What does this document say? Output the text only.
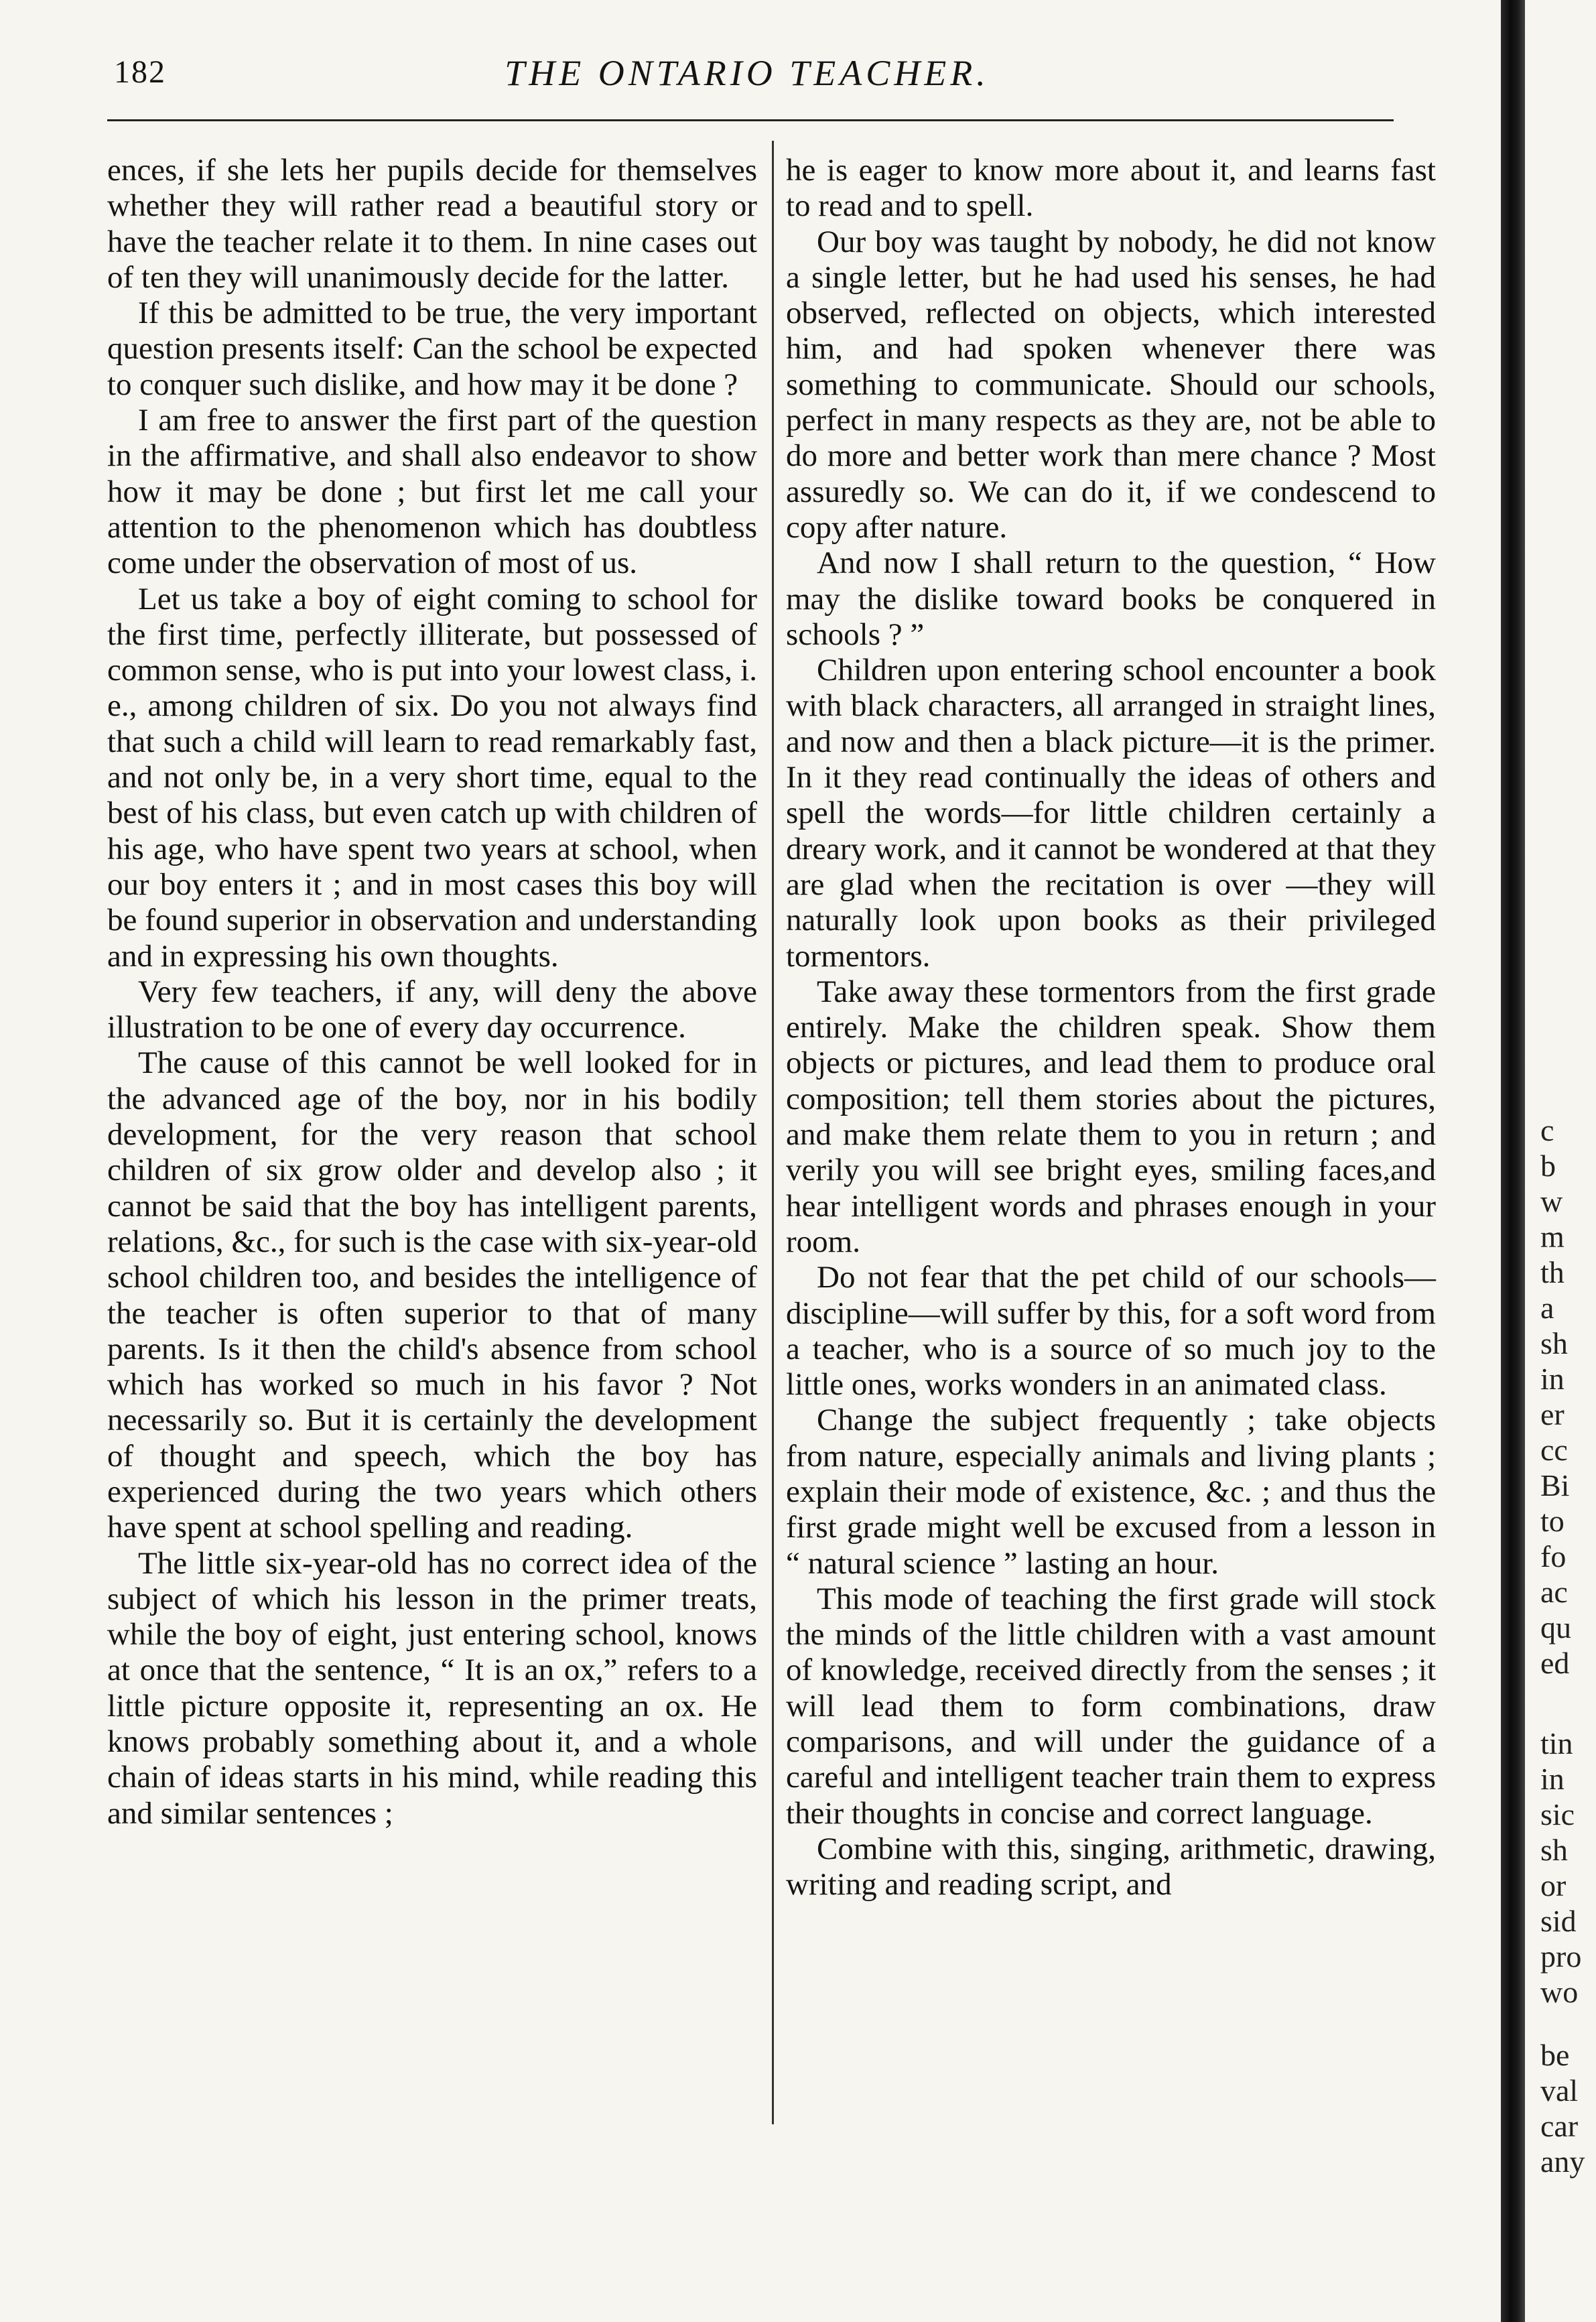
182	THE ONTARIO TEACHER.

ences, if she lets her pupils decide for themselves whether they will rather read a beautiful story or have the teacher relate it to them. In nine cases out of ten they will unanimously decide for the latter.

If this be admitted to be true, the very important question presents itself: Can the school be expected to conquer such dislike, and how may it be done ?

I am free to answer the first part of the question in the affirmative, and shall also endeavor to show how it may be done ; but first let me call your attention to the phenomenon which has doubtless come under the observation of most of us.

Let us take a boy of eight coming to school for the first time, perfectly illiterate, but possessed of common sense, who is put into your lowest class, i. e., among children of six. Do you not always find that such a child will learn to read remarkably fast, and not only be, in a very short time, equal to the best of his class, but even catch up with children of his age, who have spent two years at school, when our boy enters it ; and in most cases this boy will be found superior in observation and understanding and in expressing his own thoughts.

Very few teachers, if any, will deny the above illustration to be one of every day occurrence.

The cause of this cannot be well looked for in the advanced age of the boy, nor in his bodily development, for the very reason that school children of six grow older and develop also ; it cannot be said that the boy has intelligent parents, relations, &c., for such is the case with six-year-old school children too, and besides the intelligence of the teacher is often superior to that of many parents. Is it then the child's absence from school which has worked so much in his favor ? Not necessarily so. But it is certainly the development of thought and speech, which the boy has experienced during the two years which others have spent at school spelling and reading.

The little six-year-old has no correct idea of the subject of which his lesson in the primer treats, while the boy of eight, just entering school, knows at once that the sentence, “ It is an ox,” refers to a little picture opposite it, representing an ox. He knows probably something about it, and a whole chain of ideas starts in his mind, while reading this and similar sentences ;

he is eager to know more about it, and learns fast to read and to spell.

Our boy was taught by nobody, he did not know a single letter, but he had used his senses, he had observed, reflected on objects, which interested him, and had spoken whenever there was something to communicate. Should our schools, perfect in many respects as they are, not be able to do more and better work than mere chance ? Most assuredly so. We can do it, if we condescend to copy after nature.

And now I shall return to the question, “ How may the dislike toward books be conquered in schools ? ”

Children upon entering school encounter a book with black characters, all arranged in straight lines, and now and then a black picture—it is the primer. In it they read continually the ideas of others and spell the words—for little children certainly a dreary work, and it cannot be wondered at that they are glad when the recitation is over —they will naturally look upon books as their privileged tormentors.

Take away these tormentors from the first grade entirely. Make the children speak. Show them objects or pictures, and lead them to produce oral composition; tell them stories about the pictures, and make them relate them to you in return ; and verily you will see bright eyes, smiling faces,and hear intelligent words and phrases enough in your room.

Do not fear that the pet child of our schools—discipline—will suffer by this, for a soft word from a teacher, who is a source of so much joy to the little ones, works wonders in an animated class.

Change the subject frequently ; take objects from nature, especially animals and living plants ; explain their mode of existence, &c. ; and thus the first grade might well be excused from a lesson in “ natural science ” lasting an hour.

This mode of teaching the first grade will stock the minds of the little children with a vast amount of knowledge, received directly from the senses ; it will lead them to form combinations, draw comparisons, and will under the guidance of a careful and intelligent teacher train them to express their thoughts in concise and correct language.

Combine with this, singing, arithmetic, drawing, writing and reading script, and

c
b
w
m
th
a
sh
in
er
cc
Bi
to
fo
ac
qu
ed
tin
in
sic
sh
or
sid
pro
wo
be
val
car
any
